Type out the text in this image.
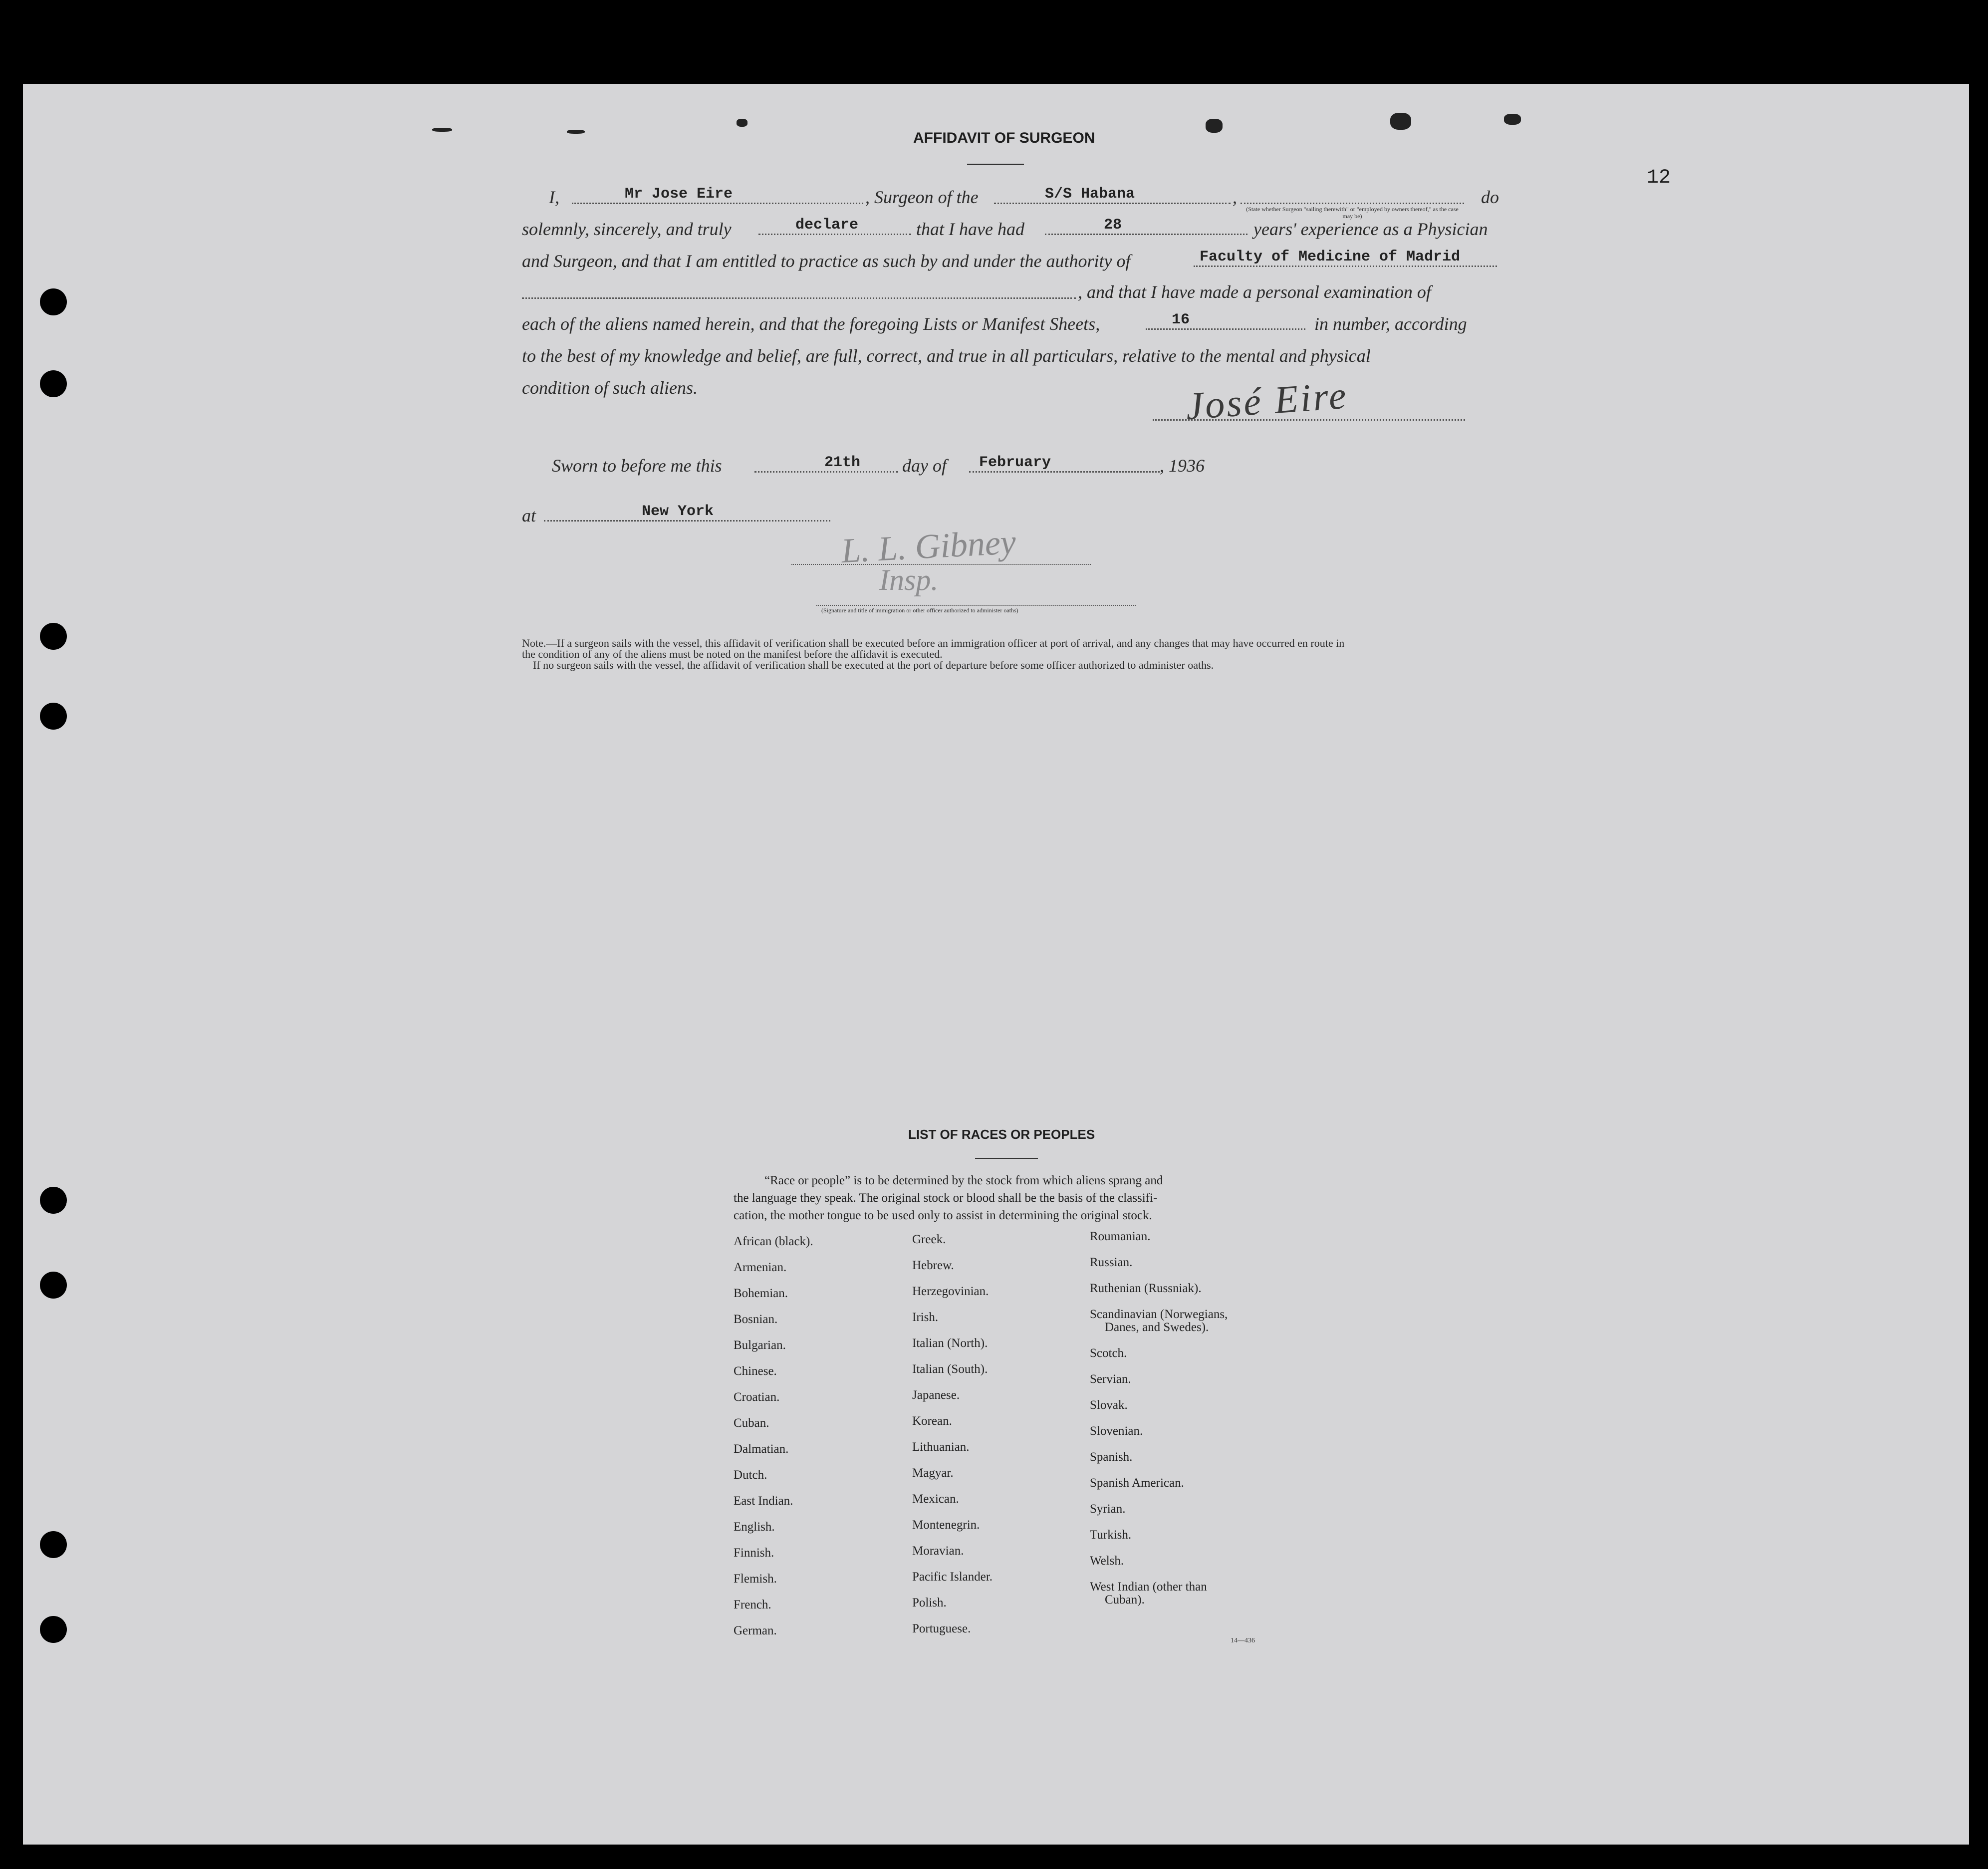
AFFIDAVIT OF SURGEON
12
I,	Mr Jose Eire	, Surgeon of the	S/S Habana	,
(State whether Surgeon "sailing therewith" or "employed by owners thereof," as the case may be)
do
solemnly, sincerely, and truly	declare	that I have had	28	years' experience as a Physician
and Surgeon, and that I am entitled to practice as such by and under the authority of	Faculty of Medicine of Madrid
, and that I have made a personal examination of
each of the aliens named herein, and that the foregoing Lists or Manifest Sheets,	16	in number, according
to the best of my knowledge and belief, are full, correct, and true in all particulars, relative to the mental and physical
condition of such aliens.	José Eire
Sworn to before me this	21th day of February	, 1936
at	New York
L. L. Gibney
Insp.
(Signature and title of immigration or other officer authorized to administer oaths)
Note.—If a surgeon sails with the vessel, this affidavit of verification shall be executed before an immigration officer at port of arrival, and any changes that may have occurred en route in
the condition of any of the aliens must be noted on the manifest before the affidavit is executed.
If no surgeon sails with the vessel, the affidavit of verification shall be executed at the port of departure before some officer authorized to administer oaths.
LIST OF RACES OR PEOPLES
“Race or people” is to be determined by the stock from which aliens sprang and
the language they speak. The original stock or blood shall be the basis of the classifi-
cation, the mother tongue to be used only to assist in determining the original stock.
African (black).
Armenian.
Bohemian.
Bosnian.
Bulgarian.
Chinese.
Croatian.
Cuban.
Dalmatian.
Dutch.
East Indian.
English.
Finnish.
Flemish.
French.
German.
Greek.
Hebrew.
Herzegovinian.
Irish.
Italian (North).
Italian (South).
Japanese.
Korean.
Lithuanian.
Magyar.
Mexican.
Montenegrin.
Moravian.
Pacific Islander.
Polish.
Portuguese.
Roumanian.
Russian.
Ruthenian (Russniak).
Scandinavian (Norwegians,
Danes, and Swedes).
Scotch.
Servian.
Slovak.
Slovenian.
Spanish.
Spanish American.
Syrian.
Turkish.
Welsh.
West Indian (other than
Cuban).
14—436
